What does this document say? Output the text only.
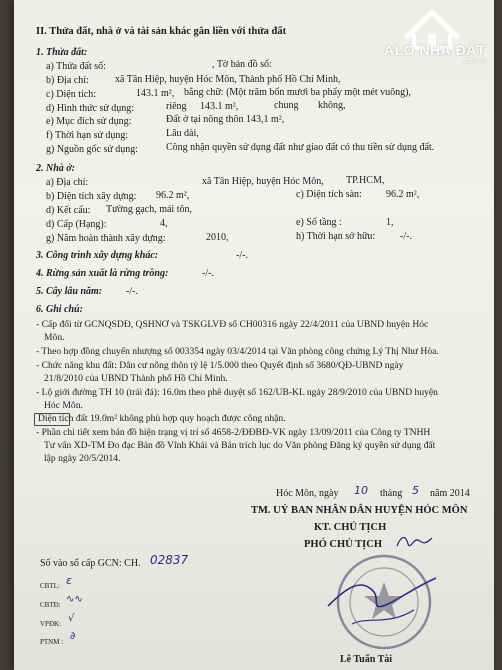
ALO NHÀ ĐẤT
.com.vn
II. Thửa đất, nhà ở và tài sản khác gắn liền với thửa đất
1. Thửa đất:
a) Thửa đất số:	, Tờ bản đồ số:
b) Địa chỉ:	xã Tân Hiệp, huyện Hóc Môn, Thành phố Hồ Chí Minh,
c) Diện tích:	143.1 m², bằng chữ: (Một trăm bốn mươi ba phẩy một mét vuông),
d) Hình thức sử dụng:	riêng 143.1 m²,	chung không,
e) Mục đích sử dụng:	Đất ở tại nông thôn 143,1 m²,
f) Thời hạn sử dụng:	Lâu dài,
g) Nguồn gốc sử dụng:	Công nhận quyền sử dụng đất như giao đất có thu tiền sử dụng đất.
2. Nhà ở:
a) Địa chỉ:	xã Tân Hiệp, huyện Hóc Môn, TP.HCM,
b) Diện tích xây dựng: 96.2 m²,	c) Diện tích sàn: 96.2 m²,
d) Kết cấu: Tường gạch, mái tôn,
d) Cấp (Hạng):	4,	e) Số tầng :	1,
g) Năm hoàn thành xây dựng:	2010,	h) Thời hạn sở hữu: -/-.
3. Công trình xây dựng khác:	-/-.
4. Rừng sản xuất là rừng trồng:	-/-.
5. Cây lâu năm: -/-.
6. Ghi chú:
- Cấp đổi từ GCNQSDĐ, QSHNƠ và TSKGLVĐ số CH00316 ngày 22/4/2011 của UBND huyện Hóc
Môn.
- Theo hợp đồng chuyển nhượng số 003354 ngày 03/4/2014 tại Văn phòng công chứng Lý Thị Như Hòa.
- Chức năng khu đất: Dân cư nông thôn tỷ lệ 1/5.000 theo Quyết định số 3680/QĐ-UBND ngày
21/8/2010 của UBND Thành phố Hồ Chí Minh.
- Lộ giới đường TH 10 (trái đá): 16.0m theo phê duyệt số 162/UB-KL ngày 28/9/2010 của UBND huyện
Hóc Môn.
Diện tích đất 19.0m² không phù hợp quy hoạch được công nhận.
- Phần chi tiết xem bản đồ hiện trạng vị trí số 4658-2/ĐĐBĐ-VK ngày 13/09/2011 của Công ty TNHH
Tư vấn XD-TM Đo đạc Bản đồ Vĩnh Khải và Bản trích lục do Văn phòng Đăng ký quyền sử dụng đất
lập ngày 20/5/2014.
Hóc Môn, ngày 10 tháng 5 năm 2014
TM. UỶ BAN NHÂN DÂN HUYỆN HÓC MÔN
KT. CHỦ TỊCH
PHÓ CHỦ TỊCH
Số vào sổ cấp GCN: CH. 02837
CBTL: ɛ
CBTĐ: ∿∿
VPĐK: √
PTNM : ∂
Lê Tuấn Tài
